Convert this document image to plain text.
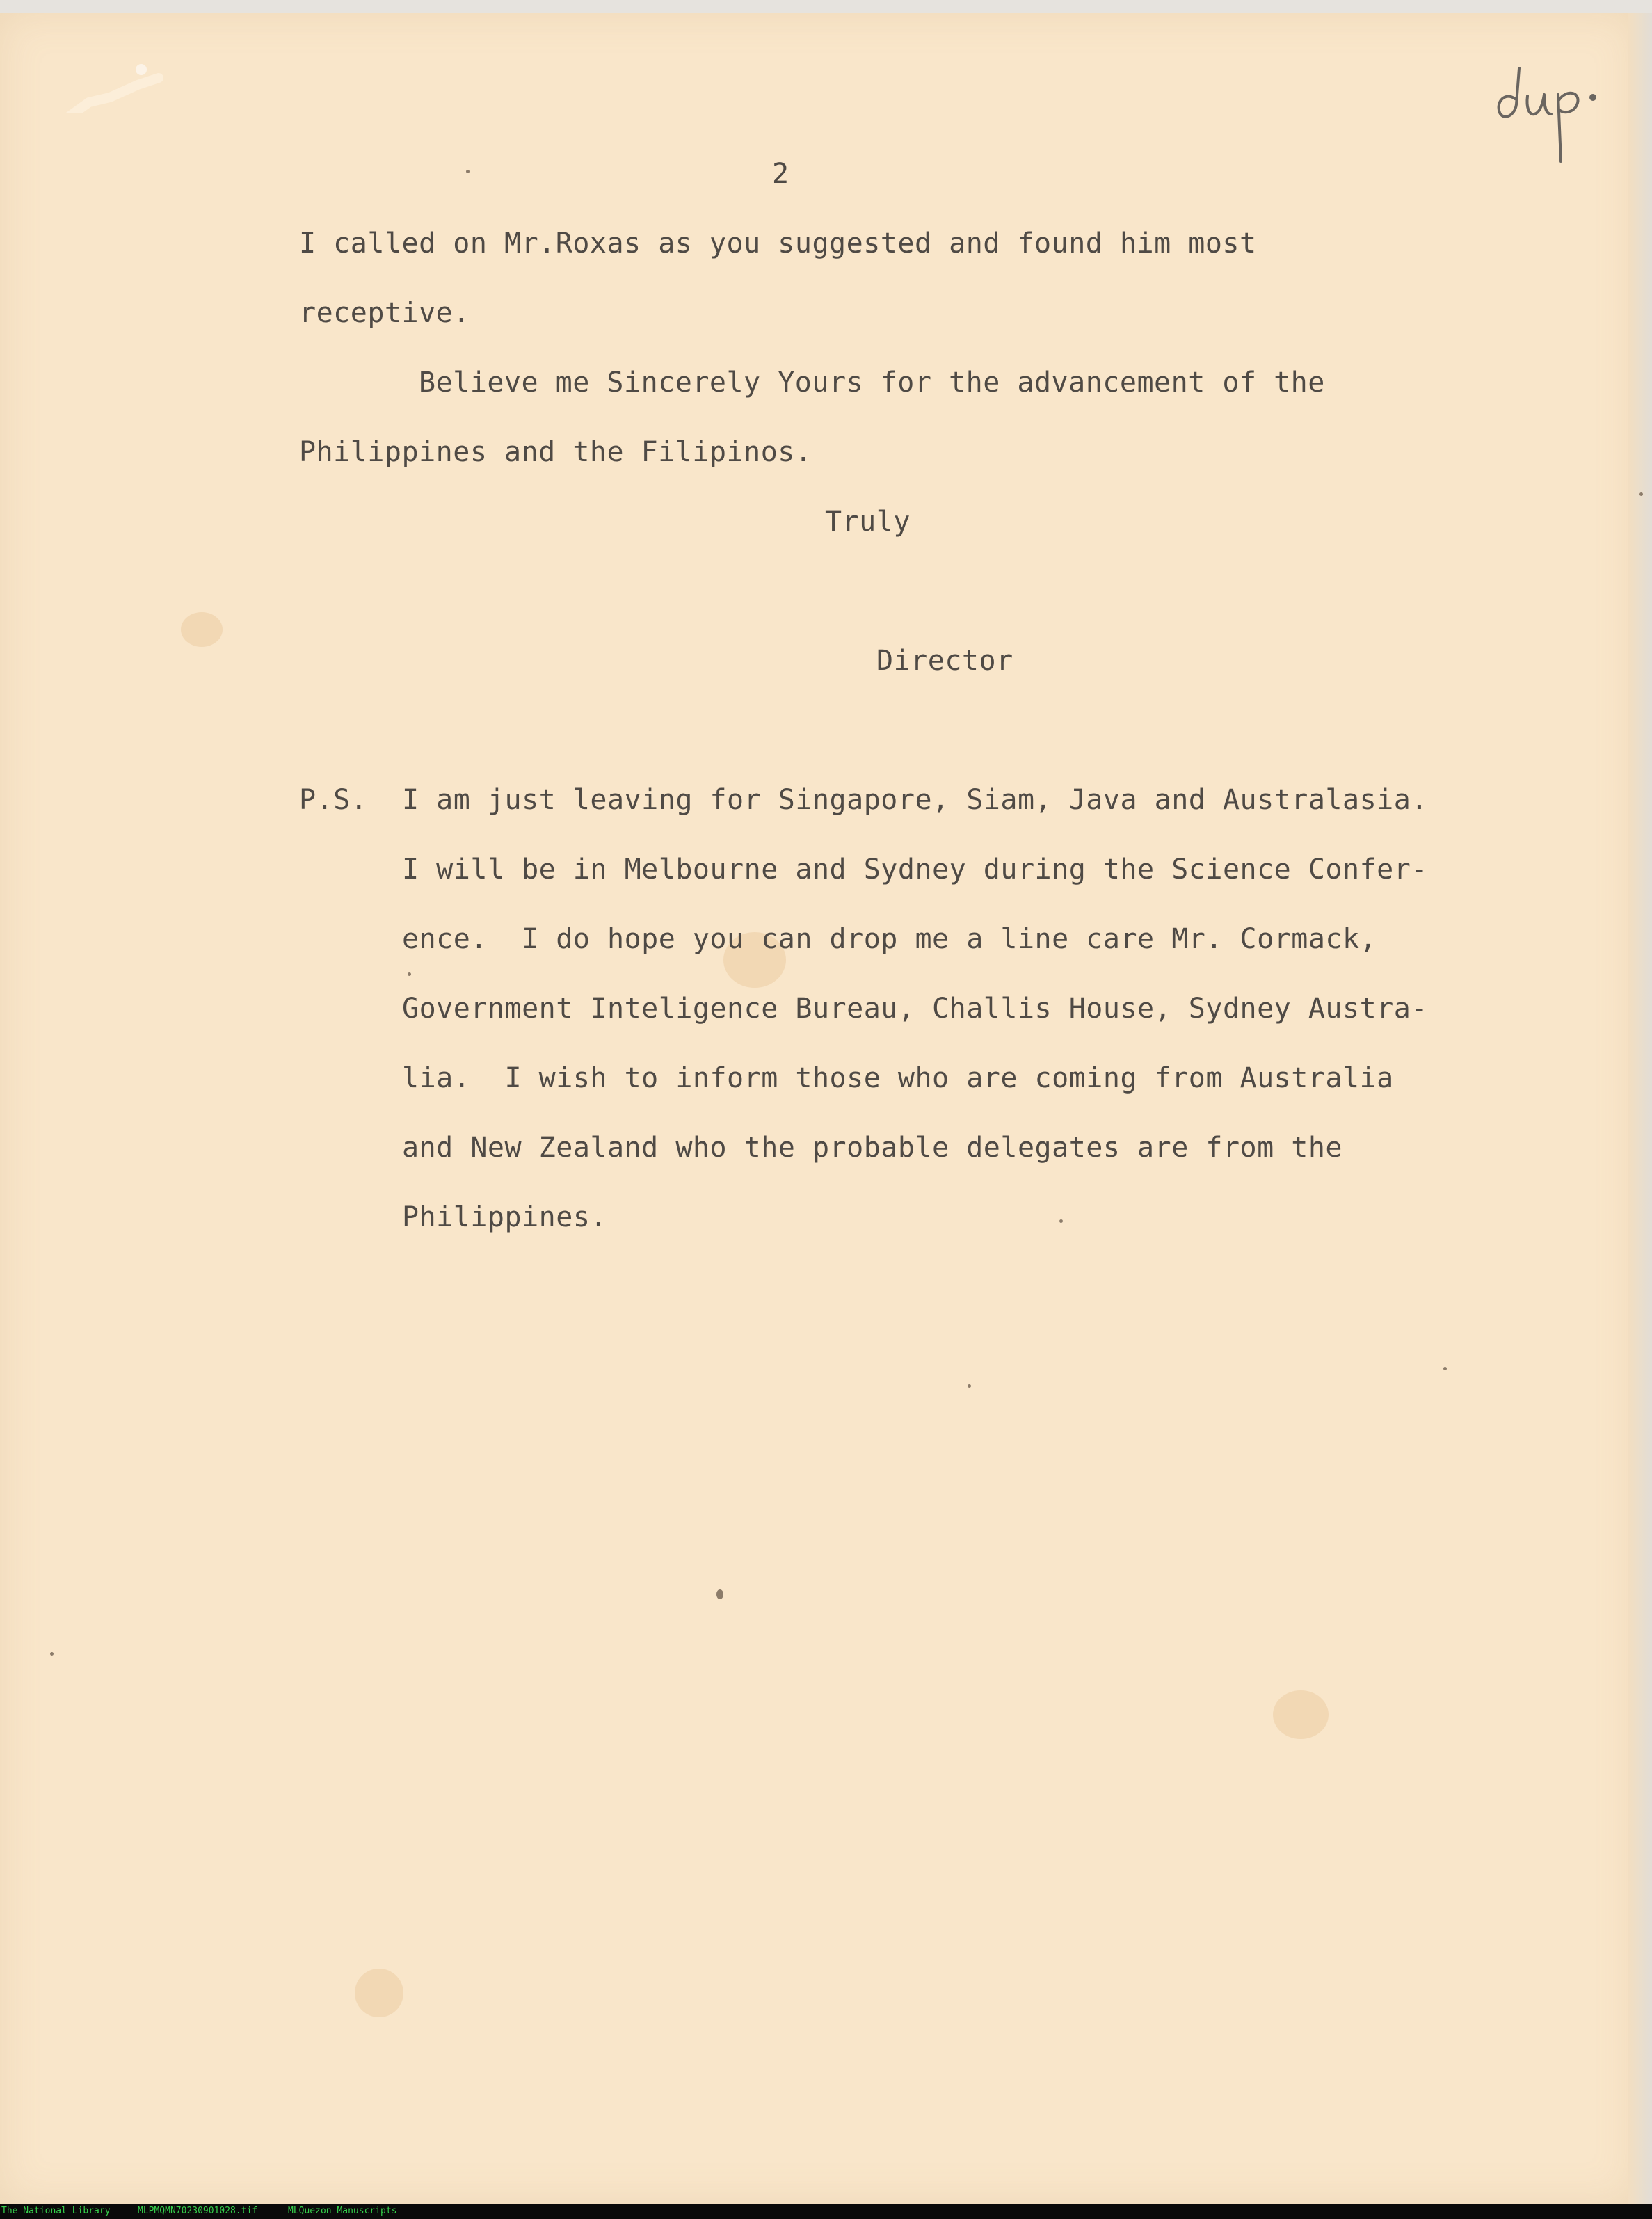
2

I called on Mr.Roxas as you suggested and found him most

receptive.

Believe me Sincerely Yours for the advancement of the

Philippines and the Filipinos.

Truly

Director

P.S. I am just leaving for Singapore, Siam, Java and Australasia.

I will be in Melbourne and Sydney during the Science Confer-

ence.  I do hope you can drop me a line care Mr. Cormack,

Government Inteligence Bureau, Challis House, Sydney Austra-

lia.  I wish to inform those who are coming from Australia

and New Zealand who the probable delegates are from the

Philippines.

The National Library	MLPMQMN70230901028.tif	MLQuezon Manuscripts
